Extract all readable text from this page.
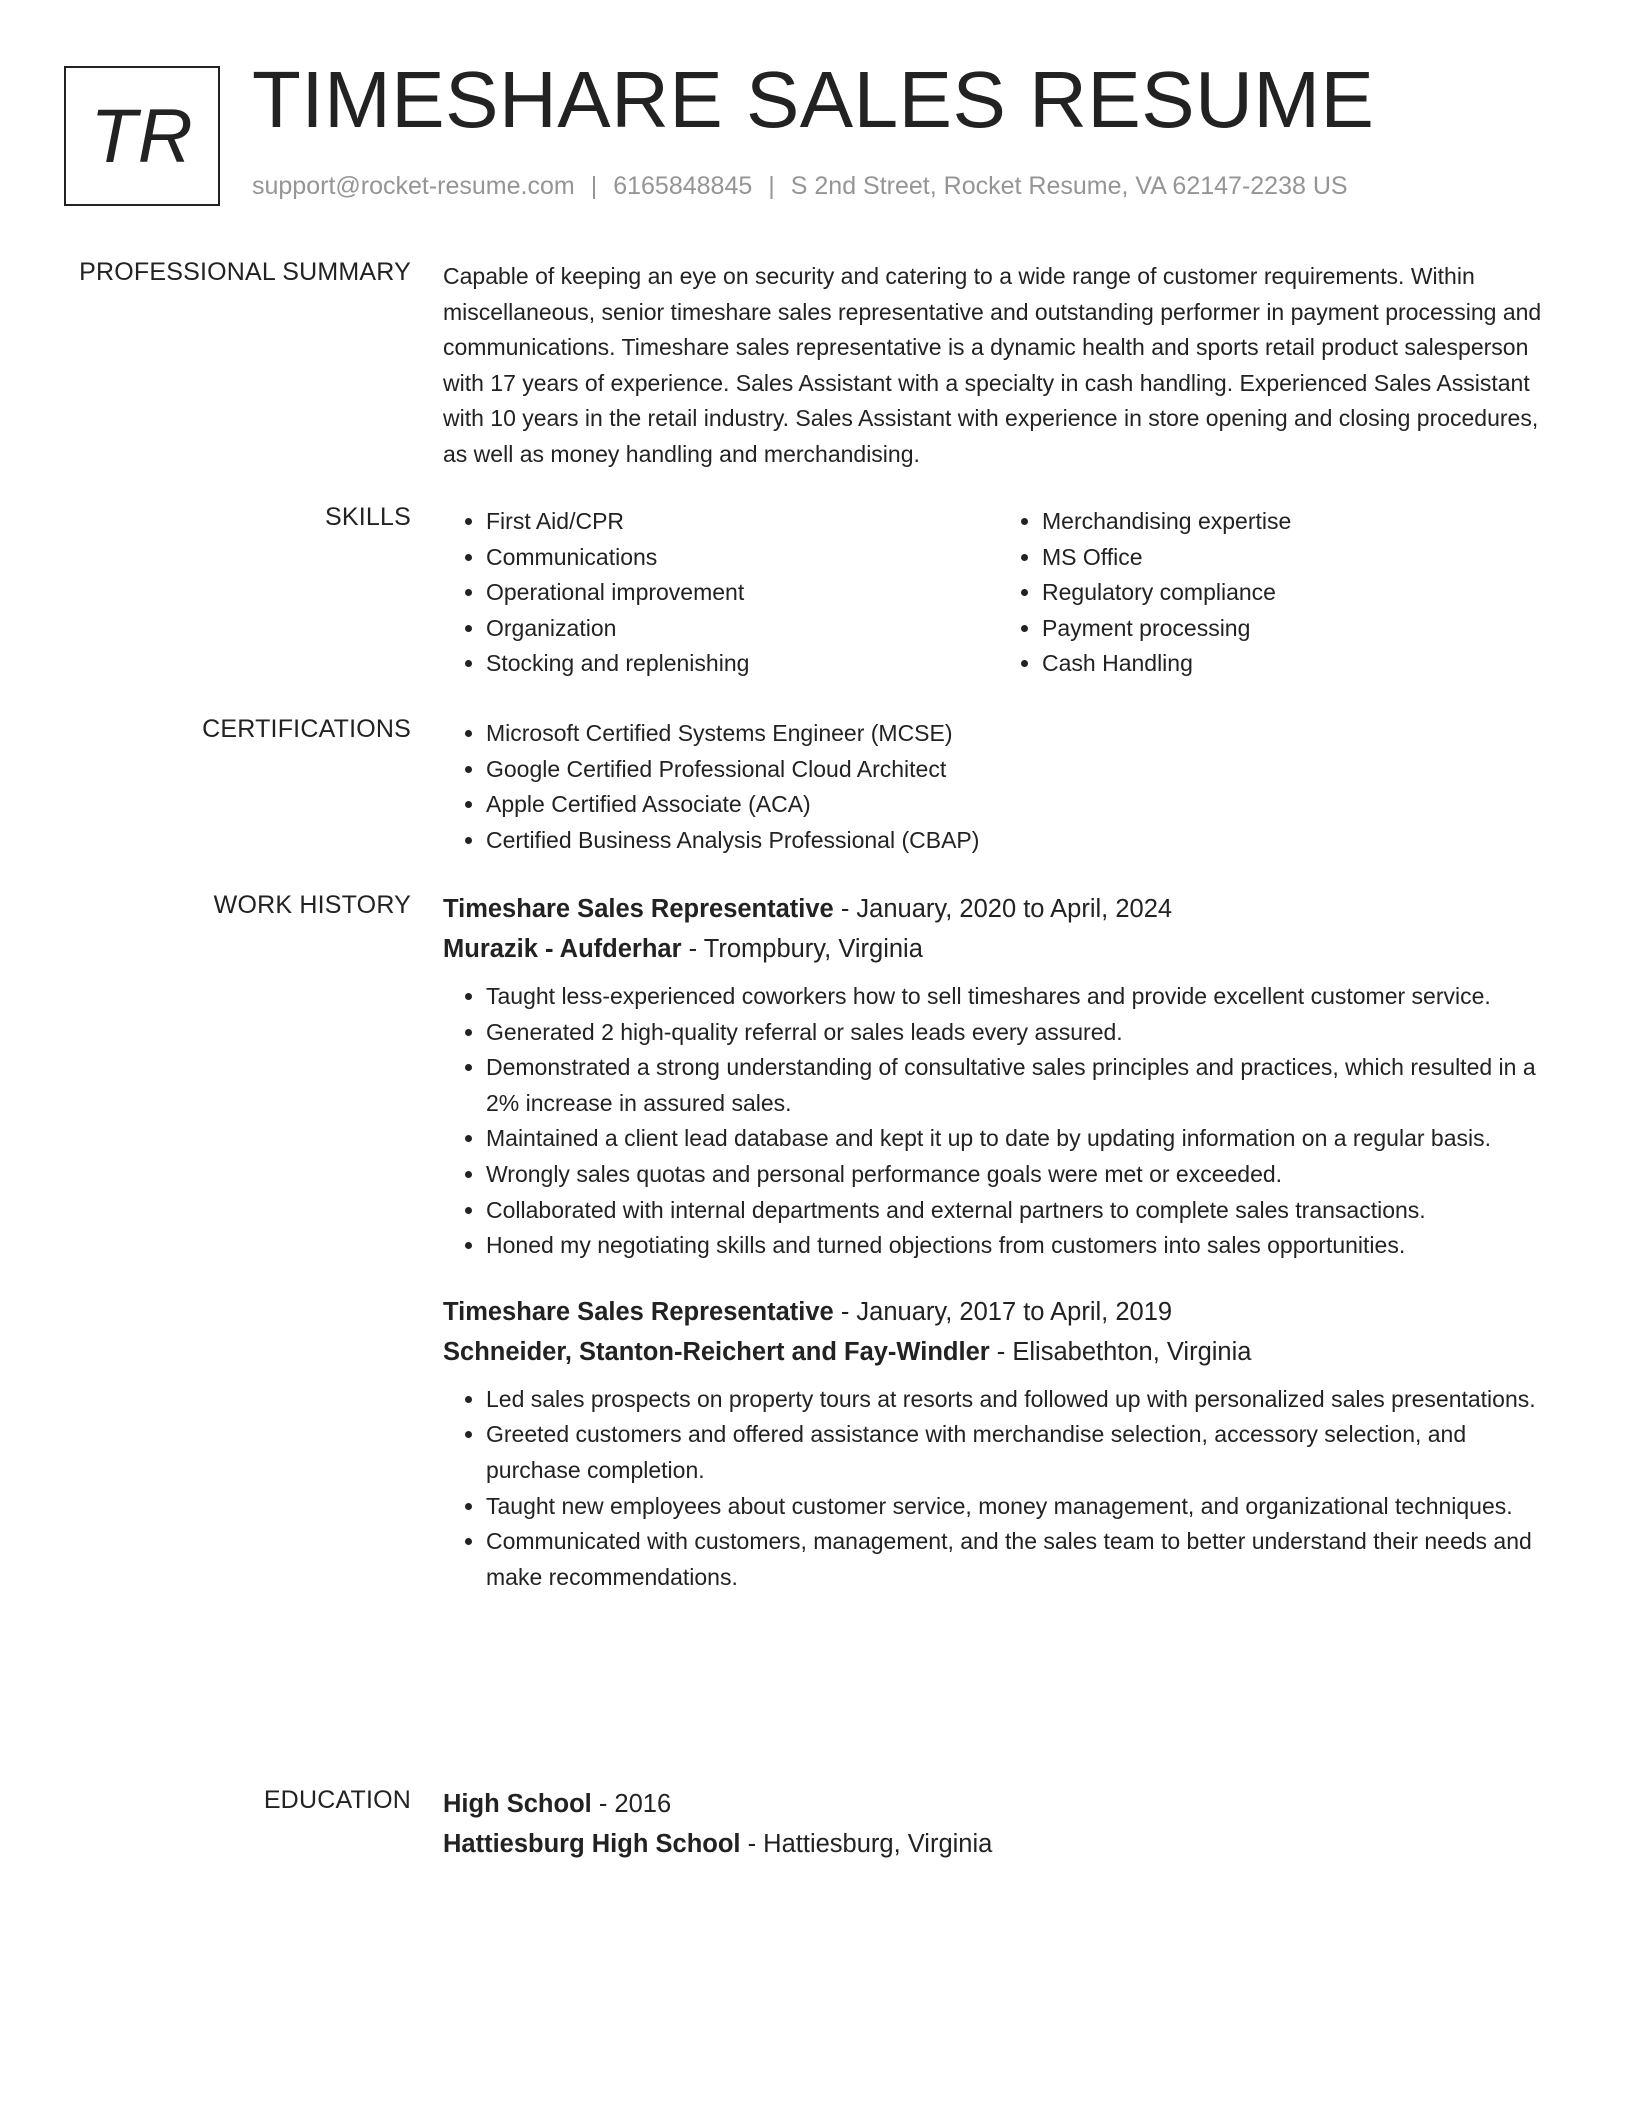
TR TIMESHARE SALES RESUME
support@rocket-resume.com | 6165848845 | S 2nd Street, Rocket Resume, VA 62147-2238 US
PROFESSIONAL SUMMARY Capable of keeping an eye on security and catering to a wide range of customer requirements. Within miscellaneous, senior timeshare sales representative and outstanding performer in payment processing and communications. Timeshare sales representative is a dynamic health and sports retail product salesperson with 17 years of experience. Sales Assistant with a specialty in cash handling. Experienced Sales Assistant with 10 years in the retail industry. Sales Assistant with experience in store opening and closing procedures, as well as money handling and merchandising.

SKILLS	• First Aid/CPR
• Communications
• Operational improvement
• Organization
• Stocking and replenishing
• Merchandising expertise
• MS Office
• Regulatory compliance
• Payment processing
• Cash Handling
CERTIFICATIONS	• Microsoft Certified Systems Engineer (MCSE)
• Google Certified Professional Cloud Architect
• Apple Certified Associate (ACA)
• Certified Business Analysis Professional (CBAP)
WORK HISTORY Timeshare Sales Representative - January, 2020 to April, 2024
Murazik - Aufderhar - Trompbury, Virginia
• Taught less-experienced coworkers how to sell timeshares and provide excellent customer service.
• Generated 2 high-quality referral or sales leads every assured.
• Demonstrated a strong understanding of consultative sales principles and practices, which resulted in a 2% increase in assured sales.
• Maintained a client lead database and kept it up to date by updating information on a regular basis.
• Wrongly sales quotas and personal performance goals were met or exceeded.
• Collaborated with internal departments and external partners to complete sales transactions.
• Honed my negotiating skills and turned objections from customers into sales opportunities.
Timeshare Sales Representative - January, 2017 to April, 2019
Schneider, Stanton-Reichert and Fay-Windler - Elisabethton, Virginia
• Led sales prospects on property tours at resorts and followed up with personalized sales presentations.
• Greeted customers and offered assistance with merchandise selection, accessory selection, and purchase completion.
• Taught new employees about customer service, money management, and organizational techniques.
• Communicated with customers, management, and the sales team to better understand their needs and make recommendations.
EDUCATION High School - 2016
Hattiesburg High School - Hattiesburg, Virginia
